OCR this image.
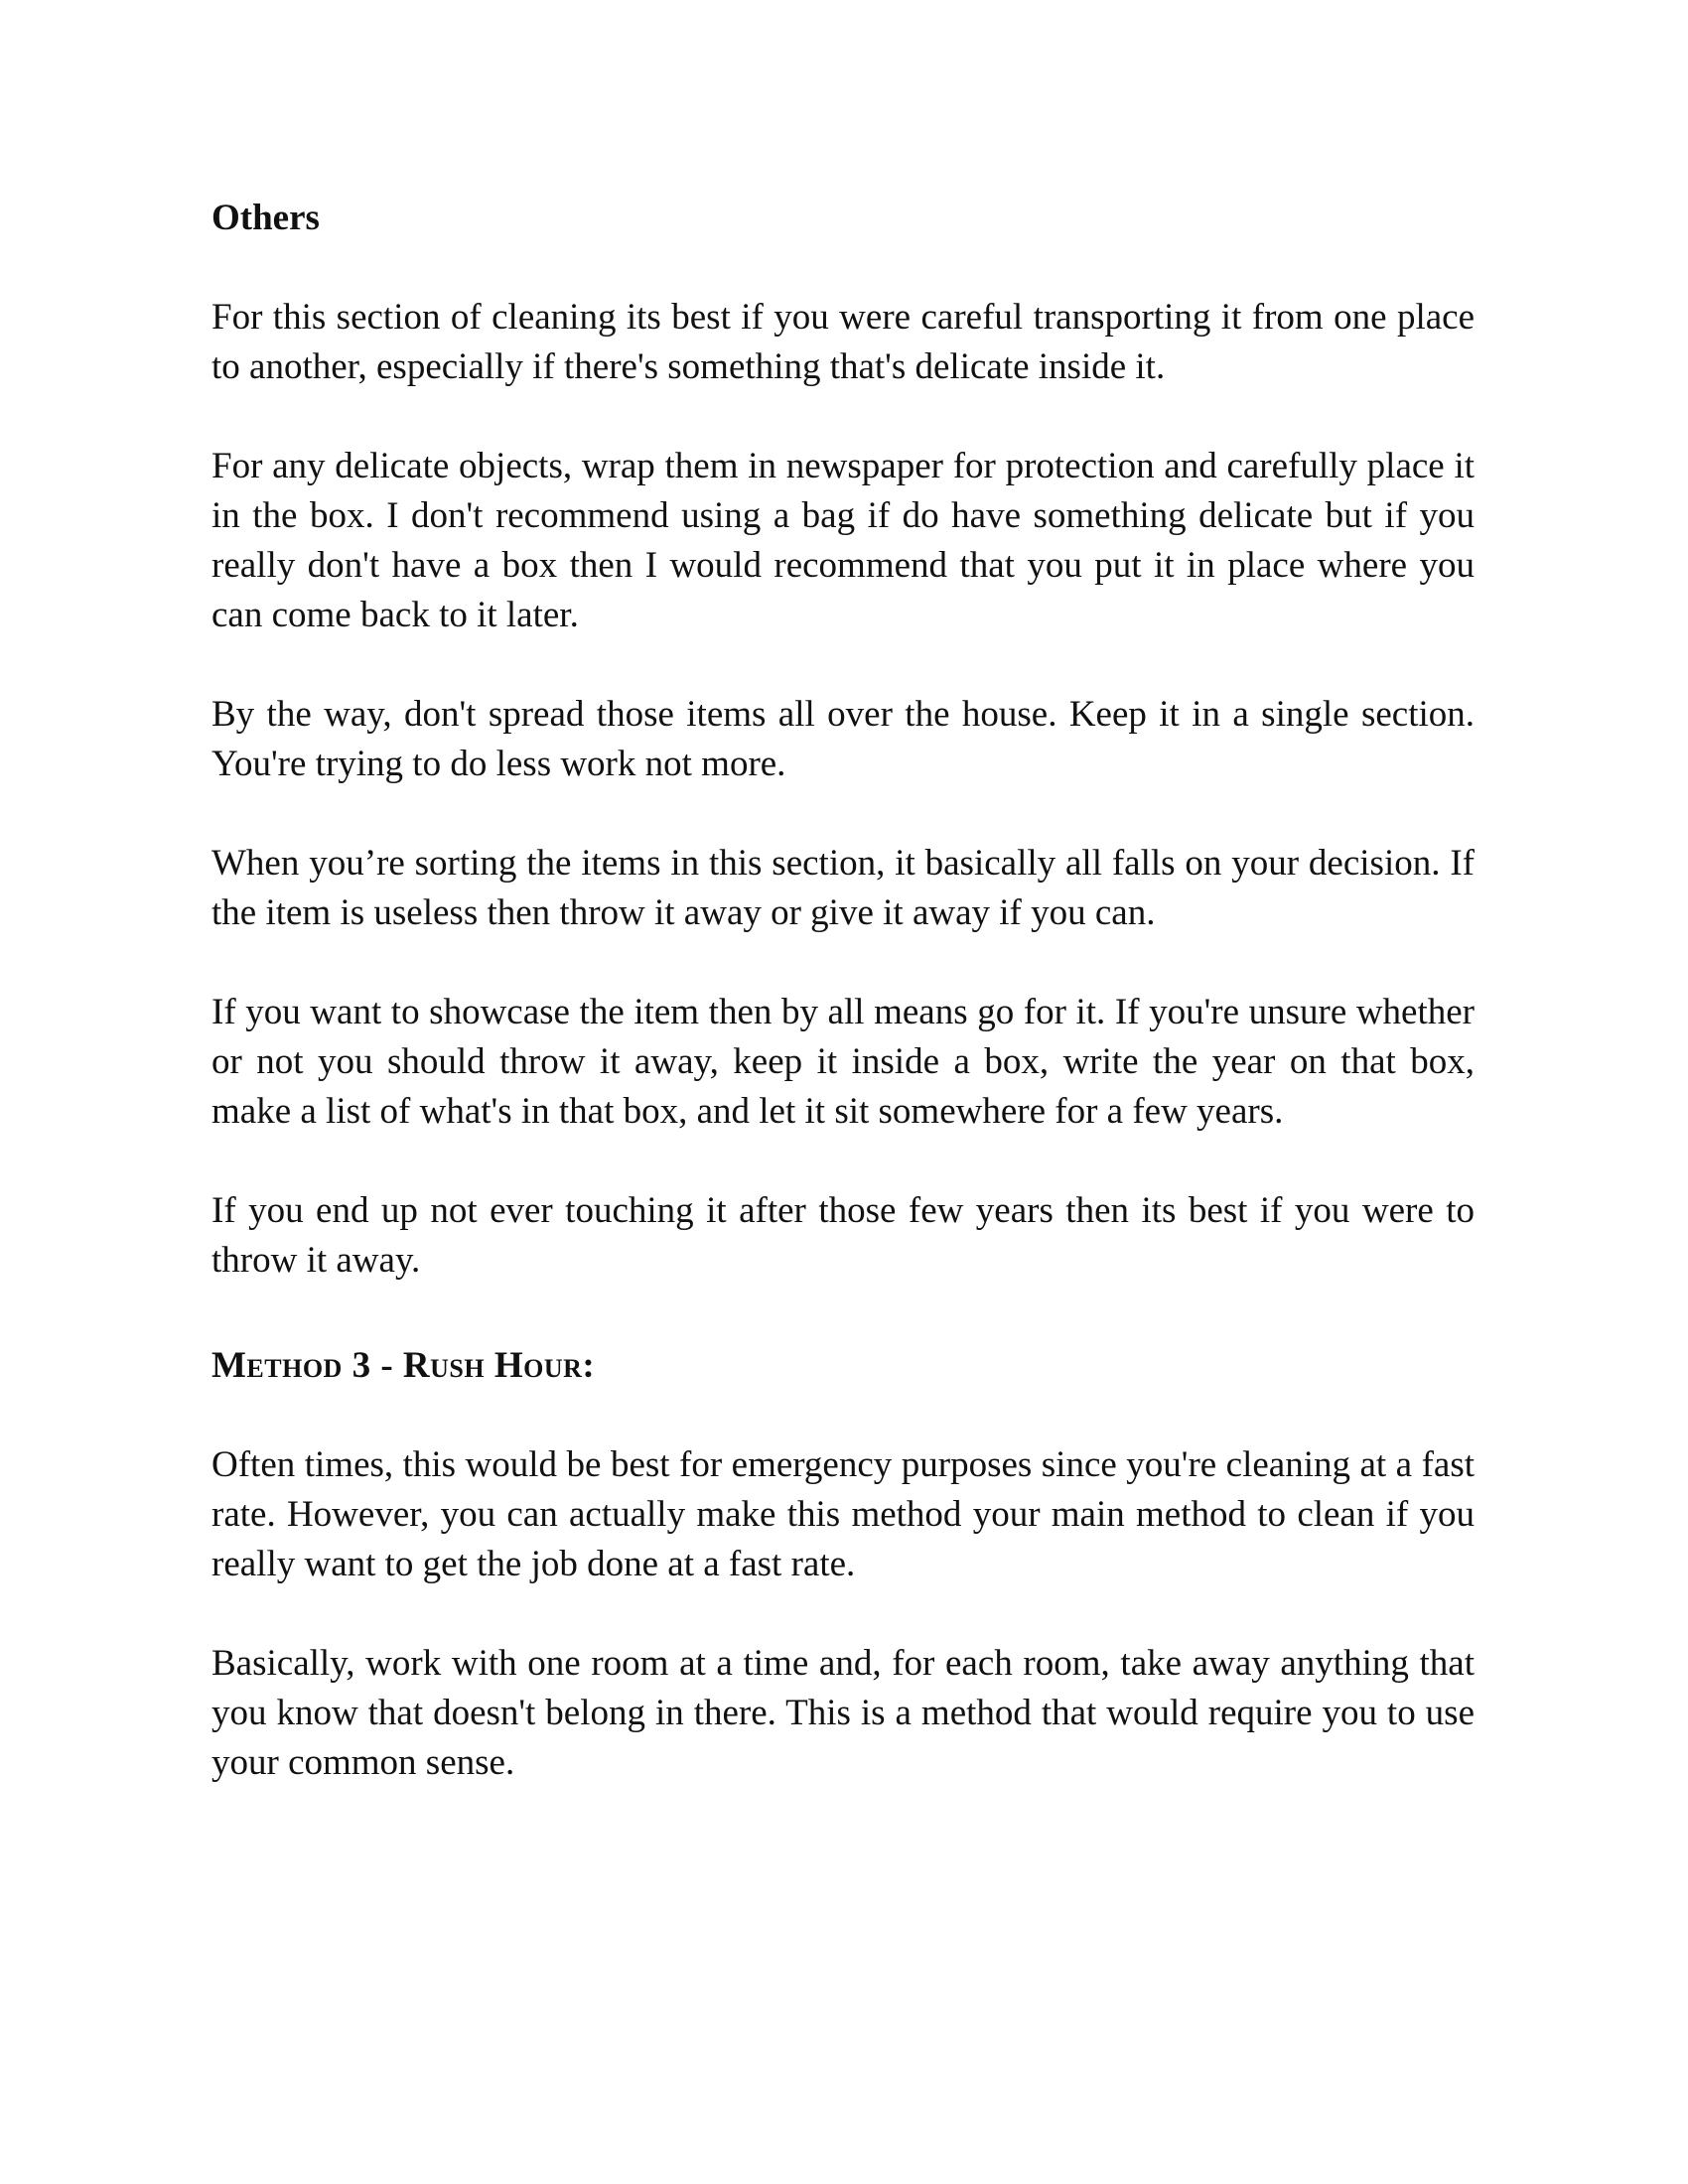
Others

For this section of cleaning its best if you were careful transporting it from one place to another, especially if there's something that's delicate inside it.

For any delicate objects, wrap them in newspaper for protection and carefully place it in the box. I don't recommend using a bag if do have something delicate but if you really don't have a box then I would recommend that you put it in place where you can come back to it later.

By the way, don't spread those items all over the house. Keep it in a single section. You're trying to do less work not more.

When you’re sorting the items in this section, it basically all falls on your decision. If the item is useless then throw it away or give it away if you can.

If you want to showcase the item then by all means go for it. If you're unsure whether or not you should throw it away, keep it inside a box, write the year on that box, make a list of what's in that box, and let it sit somewhere for a few years.

If you end up not ever touching it after those few years then its best if you were to throw it away.

Method 3 - Rush Hour:

Often times, this would be best for emergency purposes since you're cleaning at a fast rate. However, you can actually make this method your main method to clean if you really want to get the job done at a fast rate.

Basically, work with one room at a time and, for each room, take away anything that you know that doesn't belong in there. This is a method that would require you to use your common sense.
